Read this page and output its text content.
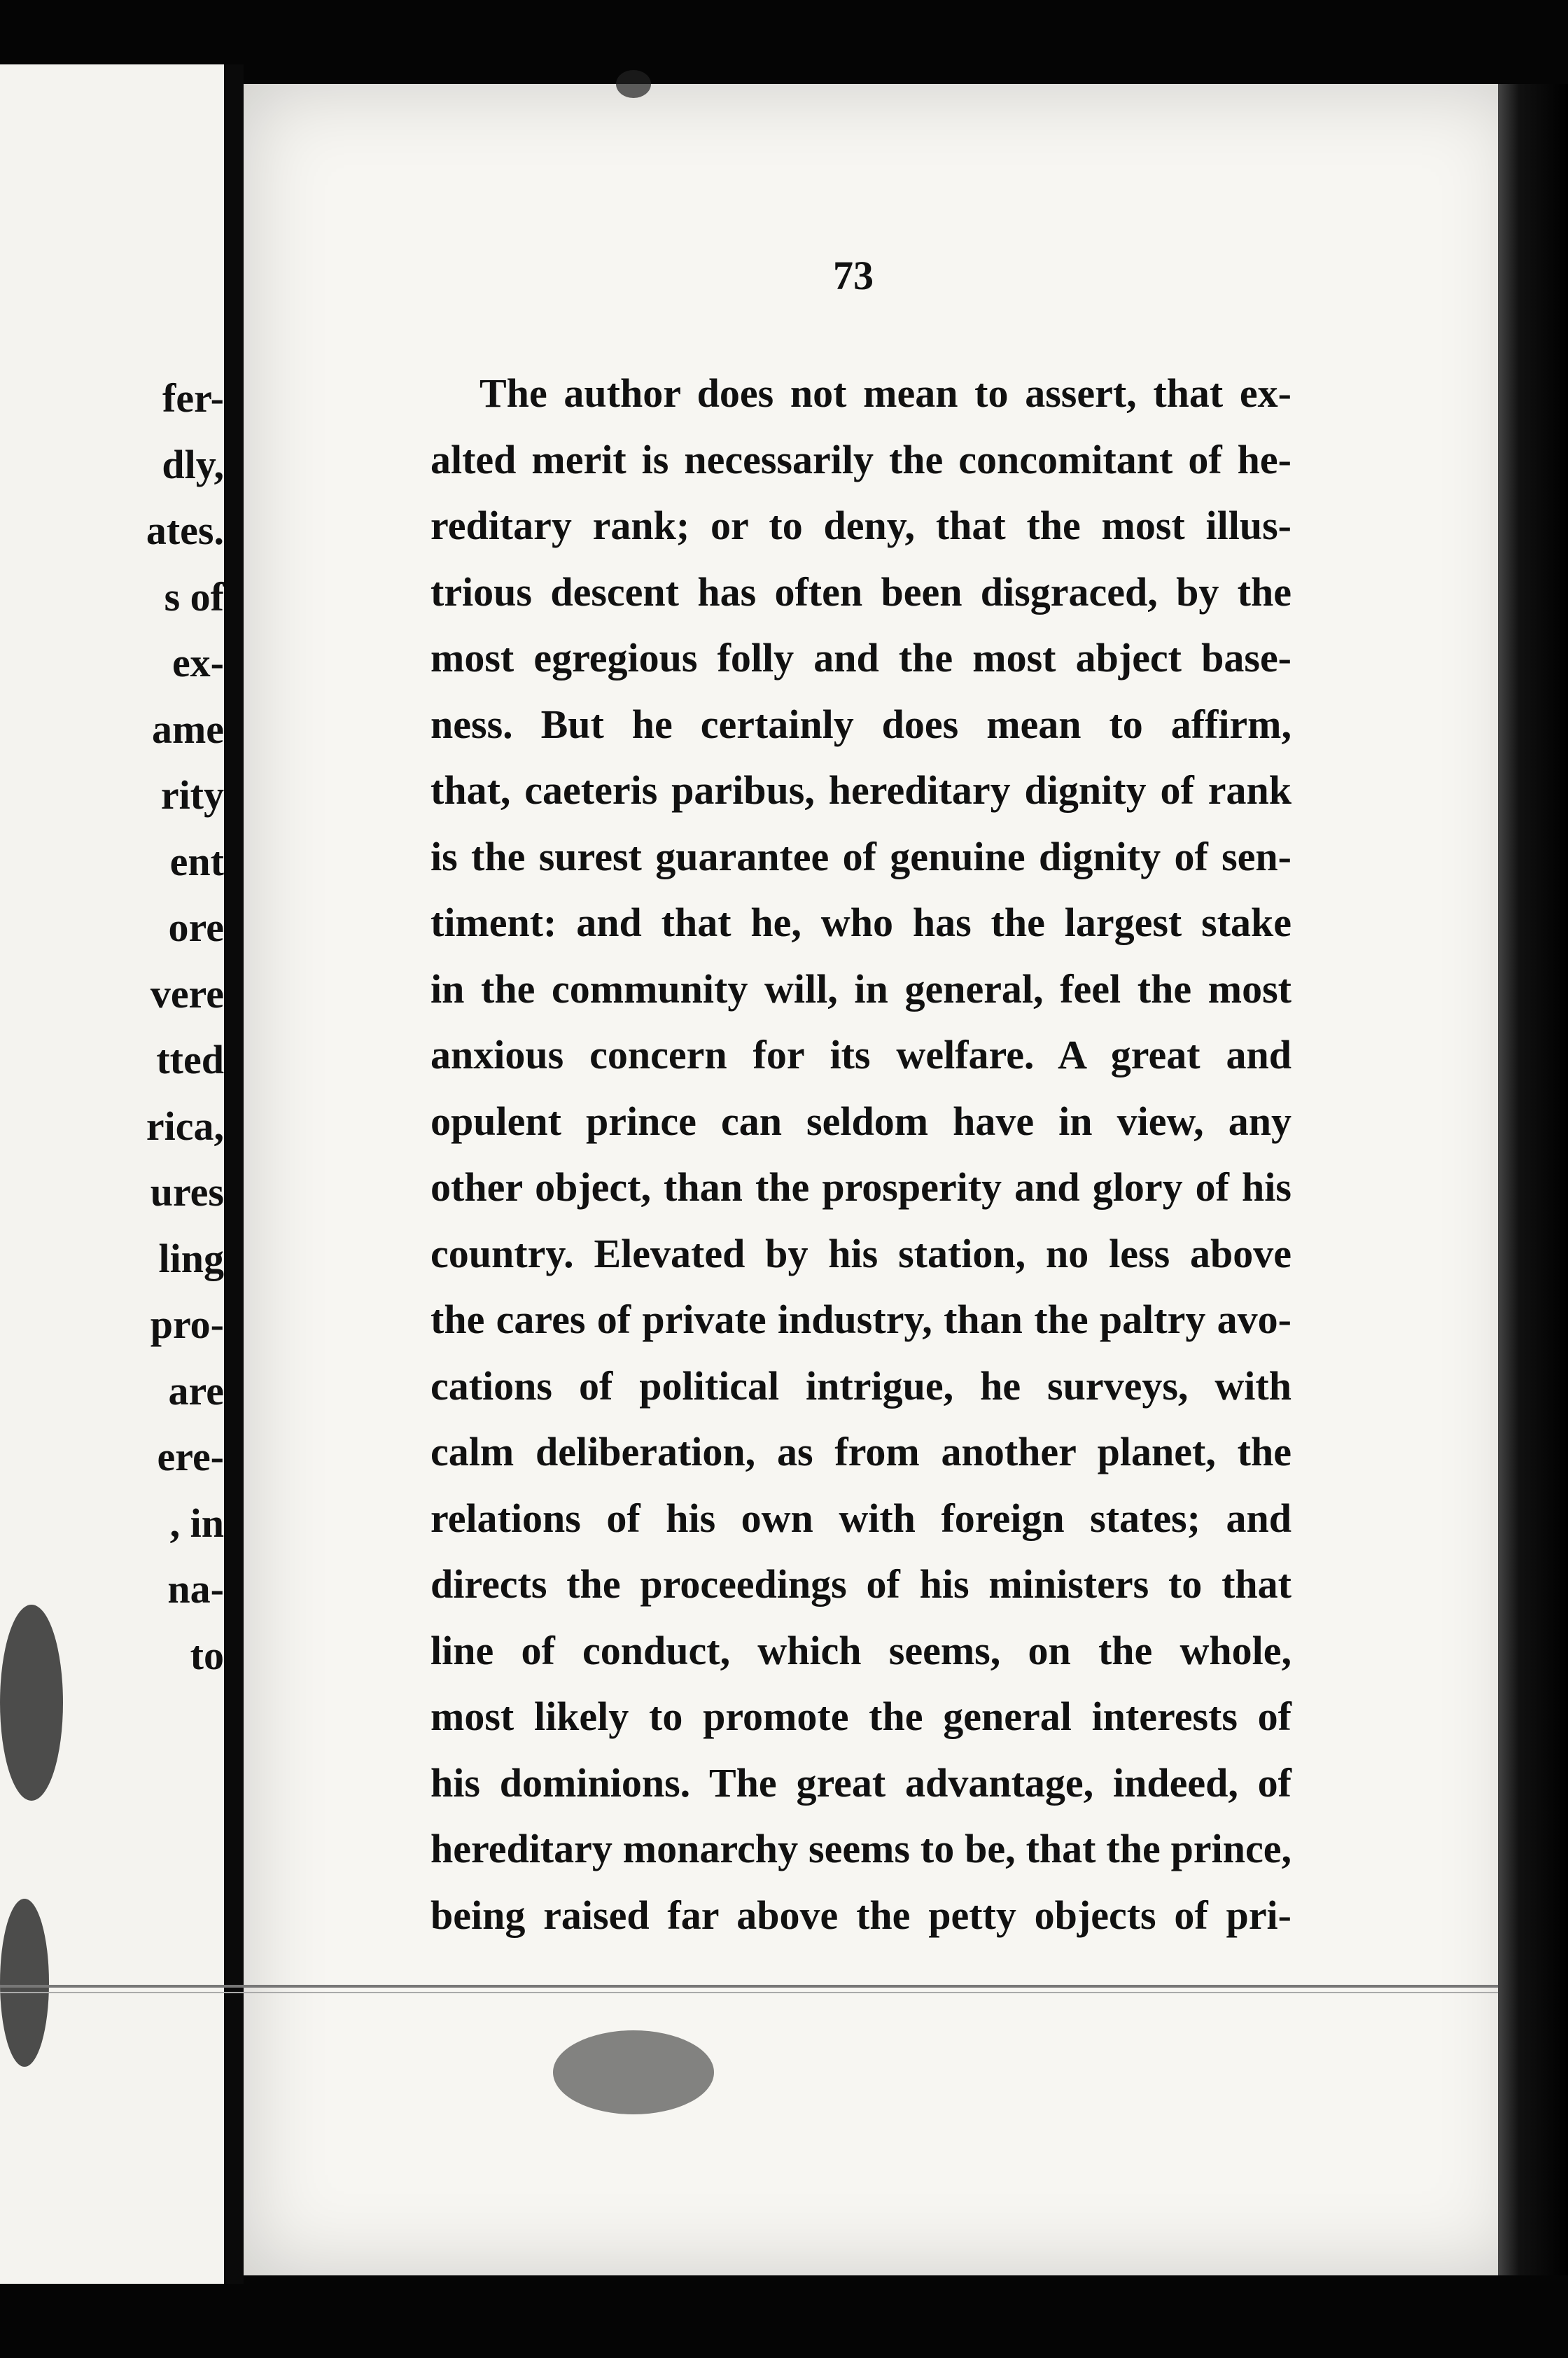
fer-
dly,
ates.
s of
ex-
ame
rity
ent
ore
vere
tted
rica,
ures
ling
pro-
are
ere-
, in
na-
to
73
The author does not mean to assert, that ex-
alted merit is necessarily the concomitant of he-
reditary rank; or to deny, that the most illus-
trious descent has often been disgraced, by the
most egregious folly and the most abject base-
ness. But he certainly does mean to affirm,
that, caeteris paribus, hereditary dignity of rank
is the surest guarantee of genuine dignity of sen-
timent: and that he, who has the largest stake
in the community will, in general, feel the most
anxious concern for its welfare. A great and
opulent prince can seldom have in view, any
other object, than the prosperity and glory of his
country. Elevated by his station, no less above
the cares of private industry, than the paltry avo-
cations of political intrigue, he surveys, with
calm deliberation, as from another planet, the
relations of his own with foreign states; and
directs the proceedings of his ministers to that
line of conduct, which seems, on the whole,
most likely to promote the general interests of
his dominions. The great advantage, indeed, of
hereditary monarchy seems to be, that the prince,
being raised far above the petty objects of pri-
